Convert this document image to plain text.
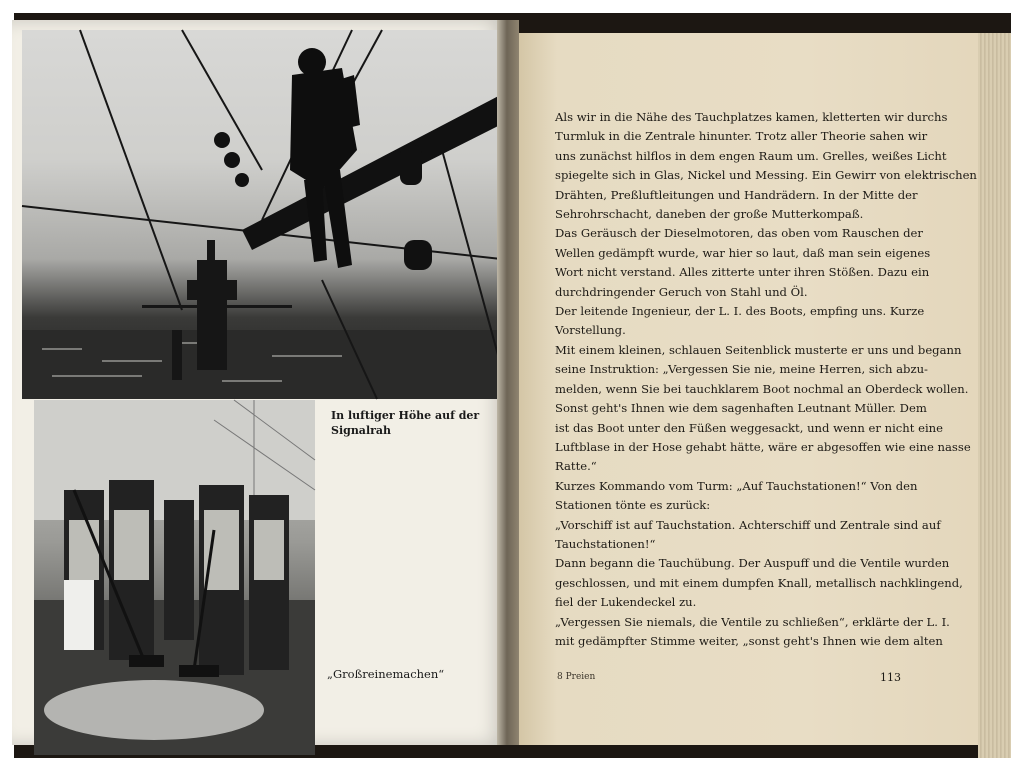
In luftiger Höhe auf der Signalrah
„Großreinemachen“
Als wir in die Nähe des Tauchplatzes kamen, kletterten wir durchs
Turmluk in die Zentrale hinunter. Trotz aller Theorie sahen wir
uns zunächst hilflos in dem engen Raum um. Grelles, weißes Licht
spiegelte sich in Glas, Nickel und Messing. Ein Gewirr von elektrischen
Drähten, Preßluftleitungen und Handrädern. In der Mitte der
Sehrohrschacht, daneben der große Mutterkompaß.
Das Geräusch der Dieselmotoren, das oben vom Rauschen der
Wellen gedämpft wurde, war hier so laut, daß man sein eigenes
Wort nicht verstand. Alles zitterte unter ihren Stößen. Dazu ein
durchdringender Geruch von Stahl und Öl.
Der leitende Ingenieur, der L. I. des Boots, empfing uns. Kurze
Vorstellung.
Mit einem kleinen, schlauen Seitenblick musterte er uns und begann
seine Instruktion: „Vergessen Sie nie, meine Herren, sich abzu-
melden, wenn Sie bei tauchklarem Boot nochmal an Oberdeck wollen.
Sonst geht's Ihnen wie dem sagenhaften Leutnant Müller. Dem
ist das Boot unter den Füßen weggesackt, und wenn er nicht eine
Luftblase in der Hose gehabt hätte, wäre er abgesoffen wie eine nasse
Ratte.“
Kurzes Kommando vom Turm: „Auf Tauchstationen!“ Von den
Stationen tönte es zurück:
„Vorschiff ist auf Tauchstation. Achterschiff und Zentrale sind auf
Tauchstationen!“
Dann begann die Tauchübung. Der Auspuff und die Ventile wurden
geschlossen, und mit einem dumpfen Knall, metallisch nachklingend,
fiel der Lukendeckel zu.
„Vergessen Sie niemals, die Ventile zu schließen“, erklärte der L. I.
mit gedämpfter Stimme weiter, „sonst geht's Ihnen wie dem alten
8 Preien	113
